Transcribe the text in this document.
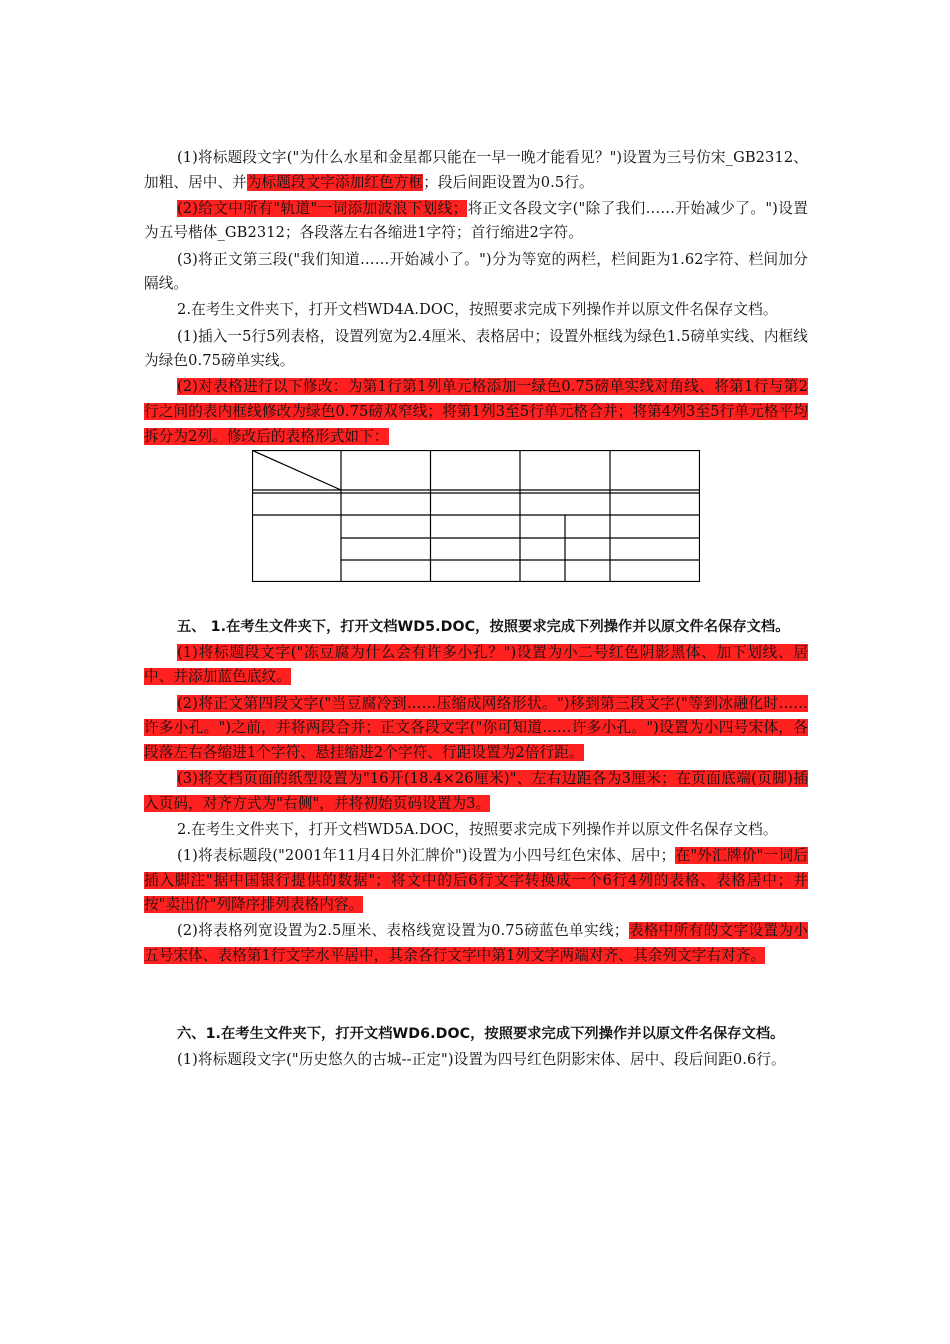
(1)将标题段文字("为什么水星和金星都只能在一早一晚才能看见？")设置为三号仿宋_GB2312、加粗、居中、并为标题段文字添加红色方框；段后间距设置为0.5行。

(2)给文中所有"轨道"一词添加波浪下划线；将正文各段文字("除了我们……开始减少了。")设置为五号楷体_GB2312；各段落左右各缩进1字符；首行缩进2字符。

(3)将正文第三段("我们知道……开始减小了。")分为等宽的两栏，栏间距为1.62字符、栏间加分隔线。

2.在考生文件夹下，打开文档WD4A.DOC，按照要求完成下列操作并以原文件名保存文档。

(1)插入一5行5列表格，设置列宽为2.4厘米、表格居中；设置外框线为绿色1.5磅单实线、内框线为绿色0.75磅单实线。

(2)对表格进行以下修改：为第1行第1列单元格添加一绿色0.75磅单实线对角线、将第1行与第2行之间的表内框线修改为绿色0.75磅双窄线；将第1列3至5行单元格合并；将第4列3至5行单元格平均拆分为2列。修改后的表格形式如下：

五、 1.在考生文件夹下，打开文档WD5.DOC，按照要求完成下列操作并以原文件名保存文档。

(1)将标题段文字("冻豆腐为什么会有许多小孔？")设置为小二号红色阴影黑体、加下划线、居中、并添加蓝色底纹。

(2)将正文第四段文字("当豆腐冷到……压缩成网络形状。")移到第三段文字("等到冰融化时……许多小孔。")之前，并将两段合并；正文各段文字("你可知道……许多小孔。")设置为小四号宋体，各段落左右各缩进1个字符、悬挂缩进2个字符、行距设置为2倍行距。

(3)将文档页面的纸型设置为"16开(18.4×26厘米)"、左右边距各为3厘米；在页面底端(页脚)插入页码，对齐方式为"右侧"，并将初始页码设置为3。

2.在考生文件夹下，打开文档WD5A.DOC，按照要求完成下列操作并以原文件名保存文档。

(1)将表标题段("2001年11月4日外汇牌价")设置为小四号红色宋体、居中；在"外汇牌价"一词后插入脚注"据中国银行提供的数据"；将文中的后6行文字转换成一个6行4列的表格、表格居中；并按"卖出价"列降序排列表格内容。

(2)将表格列宽设置为2.5厘米、表格线宽设置为0.75磅蓝色单实线；表格中所有的文字设置为小五号宋体、表格第1行文字水平居中，其余各行文字中第1列文字两端对齐、其余列文字右对齐。

六、1.在考生文件夹下，打开文档WD6.DOC，按照要求完成下列操作并以原文件名保存文档。

(1)将标题段文字("历史悠久的古城--正定")设置为四号红色阴影宋体、居中、段后间距0.6行。
